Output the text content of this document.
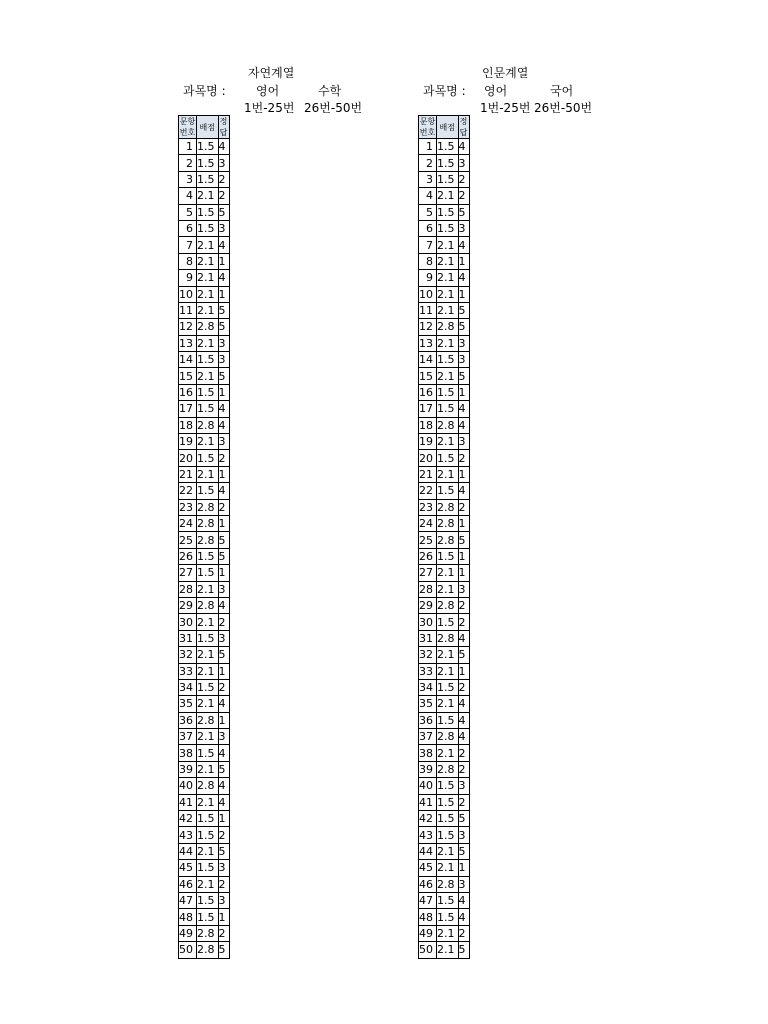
자연계열
과목명 :	영어	수학
1번-25번 26번-50번
문항번호	배점	정답
1	1.5	4
2	1.5	3
3	1.5	2
4	2.1	2
5	1.5	5
6	1.5	3
7	2.1	4
8	2.1	1
9	2.1	4
10	2.1	1
11	2.1	5
12	2.8	5
13	2.1	3
14	1.5	3
15	2.1	5
16	1.5	1
17	1.5	4
18	2.8	4
19	2.1	3
20	1.5	2
21	2.1	1
22	1.5	4
23	2.8	2
24	2.8	1
25	2.8	5
26	1.5	5
27	1.5	1
28	2.1	3
29	2.8	4
30	2.1	2
31	1.5	3
32	2.1	5
33	2.1	1
34	1.5	2
35	2.1	4
36	2.8	1
37	2.1	3
38	1.5	4
39	2.1	5
40	2.8	4
41	2.1	4
42	1.5	1
43	1.5	2
44	2.1	5
45	1.5	3
46	2.1	2
47	1.5	3
48	1.5	1
49	2.8	2
50	2.8	5
인문계열
과목명 : 영어	국어
1번-25번 26번-50번
문항번호	배점	정답
1	1.5	4
2	1.5	3
3	1.5	2
4	2.1	2
5	1.5	5
6	1.5	3
7	2.1	4
8	2.1	1
9	2.1	4
10	2.1	1
11	2.1	5
12	2.8	5
13	2.1	3
14	1.5	3
15	2.1	5
16	1.5	1
17	1.5	4
18	2.8	4
19	2.1	3
20	1.5	2
21	2.1	1
22	1.5	4
23	2.8	2
24	2.8	1
25	2.8	5
26	1.5	1
27	2.1	1
28	2.1	3
29	2.8	2
30	1.5	2
31	2.8	4
32	2.1	5
33	2.1	1
34	1.5	2
35	2.1	4
36	1.5	4
37	2.8	4
38	2.1	2
39	2.8	2
40	1.5	3
41	1.5	2
42	1.5	5
43	1.5	3
44	2.1	5
45	2.1	1
46	2.8	3
47	1.5	4
48	1.5	4
49	2.1	2
50	2.1	5
